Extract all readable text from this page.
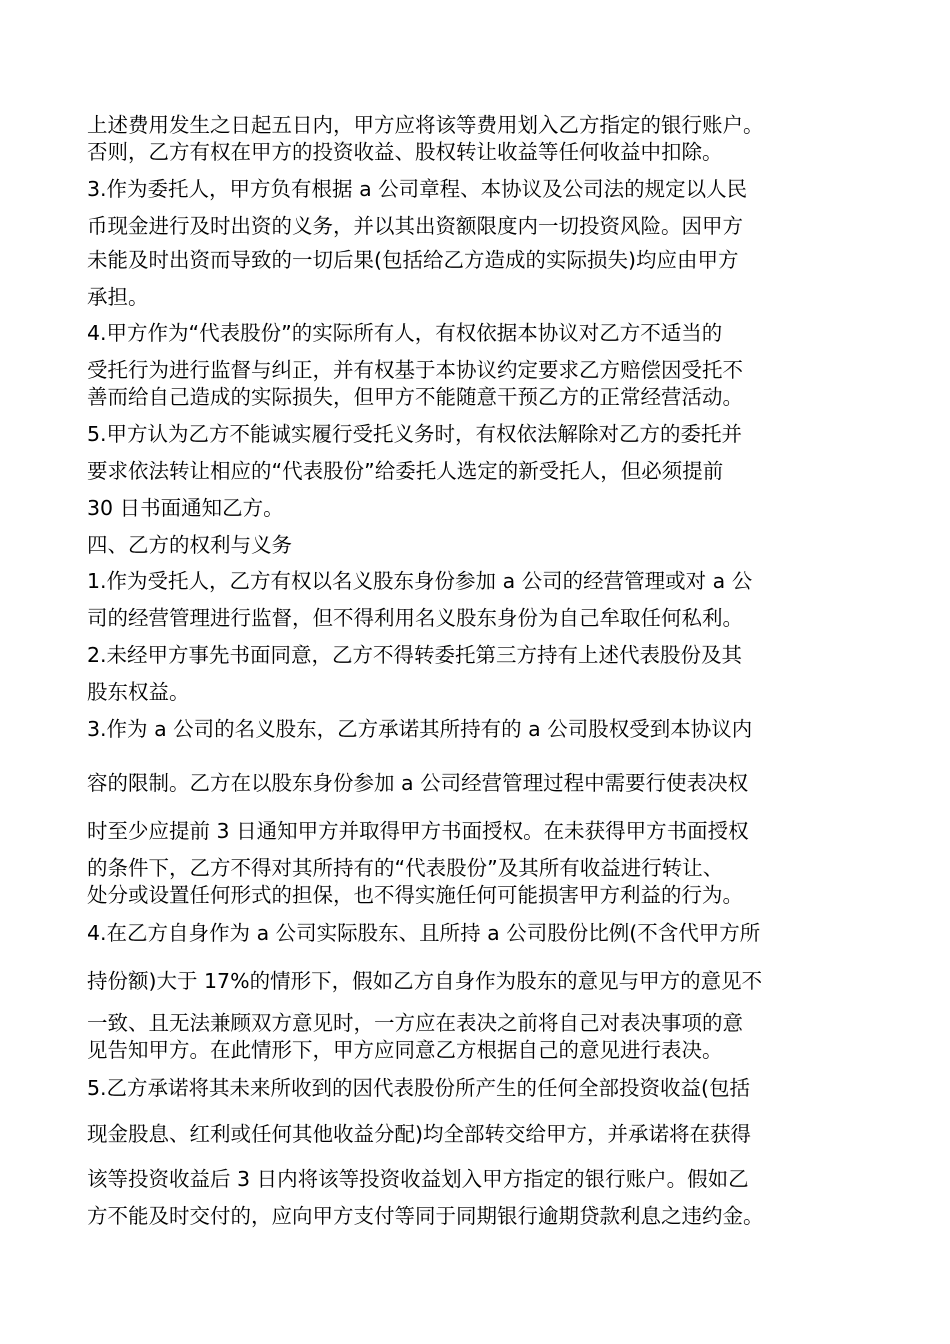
上述费用发生之日起五日内，甲方应将该等费用划入乙方指定的银行账户。
否则，乙方有权在甲方的投资收益、股权转让收益等任何收益中扣除。
3.作为委托人，甲方负有根据 a 公司章程、本协议及公司法的规定以人民
币现金进行及时出资的义务，并以其出资额限度内一切投资风险。因甲方
未能及时出资而导致的一切后果(包括给乙方造成的实际损失)均应由甲方
承担。
4.甲方作为“代表股份”的实际所有人，有权依据本协议对乙方不适当的
受托行为进行监督与纠正，并有权基于本协议约定要求乙方赔偿因受托不
善而给自己造成的实际损失，但甲方不能随意干预乙方的正常经营活动。
5.甲方认为乙方不能诚实履行受托义务时，有权依法解除对乙方的委托并
要求依法转让相应的“代表股份”给委托人选定的新受托人，但必须提前
30 日书面通知乙方。
四、乙方的权利与义务
1.作为受托人，乙方有权以名义股东身份参加 a 公司的经营管理或对 a 公
司的经营管理进行监督，但不得利用名义股东身份为自己牟取任何私利。
2.未经甲方事先书面同意，乙方不得转委托第三方持有上述代表股份及其
股东权益。
3.作为 a 公司的名义股东，乙方承诺其所持有的 a 公司股权受到本协议内
容的限制。乙方在以股东身份参加 a 公司经营管理过程中需要行使表决权
时至少应提前 3 日通知甲方并取得甲方书面授权。在未获得甲方书面授权
的条件下，乙方不得对其所持有的“代表股份”及其所有收益进行转让、
处分或设置任何形式的担保，也不得实施任何可能损害甲方利益的行为。
4.在乙方自身作为 a 公司实际股东、且所持 a 公司股份比例(不含代甲方所
持份额)大于 17%的情形下，假如乙方自身作为股东的意见与甲方的意见不
一致、且无法兼顾双方意见时，一方应在表决之前将自己对表决事项的意
见告知甲方。在此情形下，甲方应同意乙方根据自己的意见进行表决。
5.乙方承诺将其未来所收到的因代表股份所产生的任何全部投资收益(包括
现金股息、红利或任何其他收益分配)均全部转交给甲方，并承诺将在获得
该等投资收益后 3 日内将该等投资收益划入甲方指定的银行账户。假如乙
方不能及时交付的，应向甲方支付等同于同期银行逾期贷款利息之违约金。
